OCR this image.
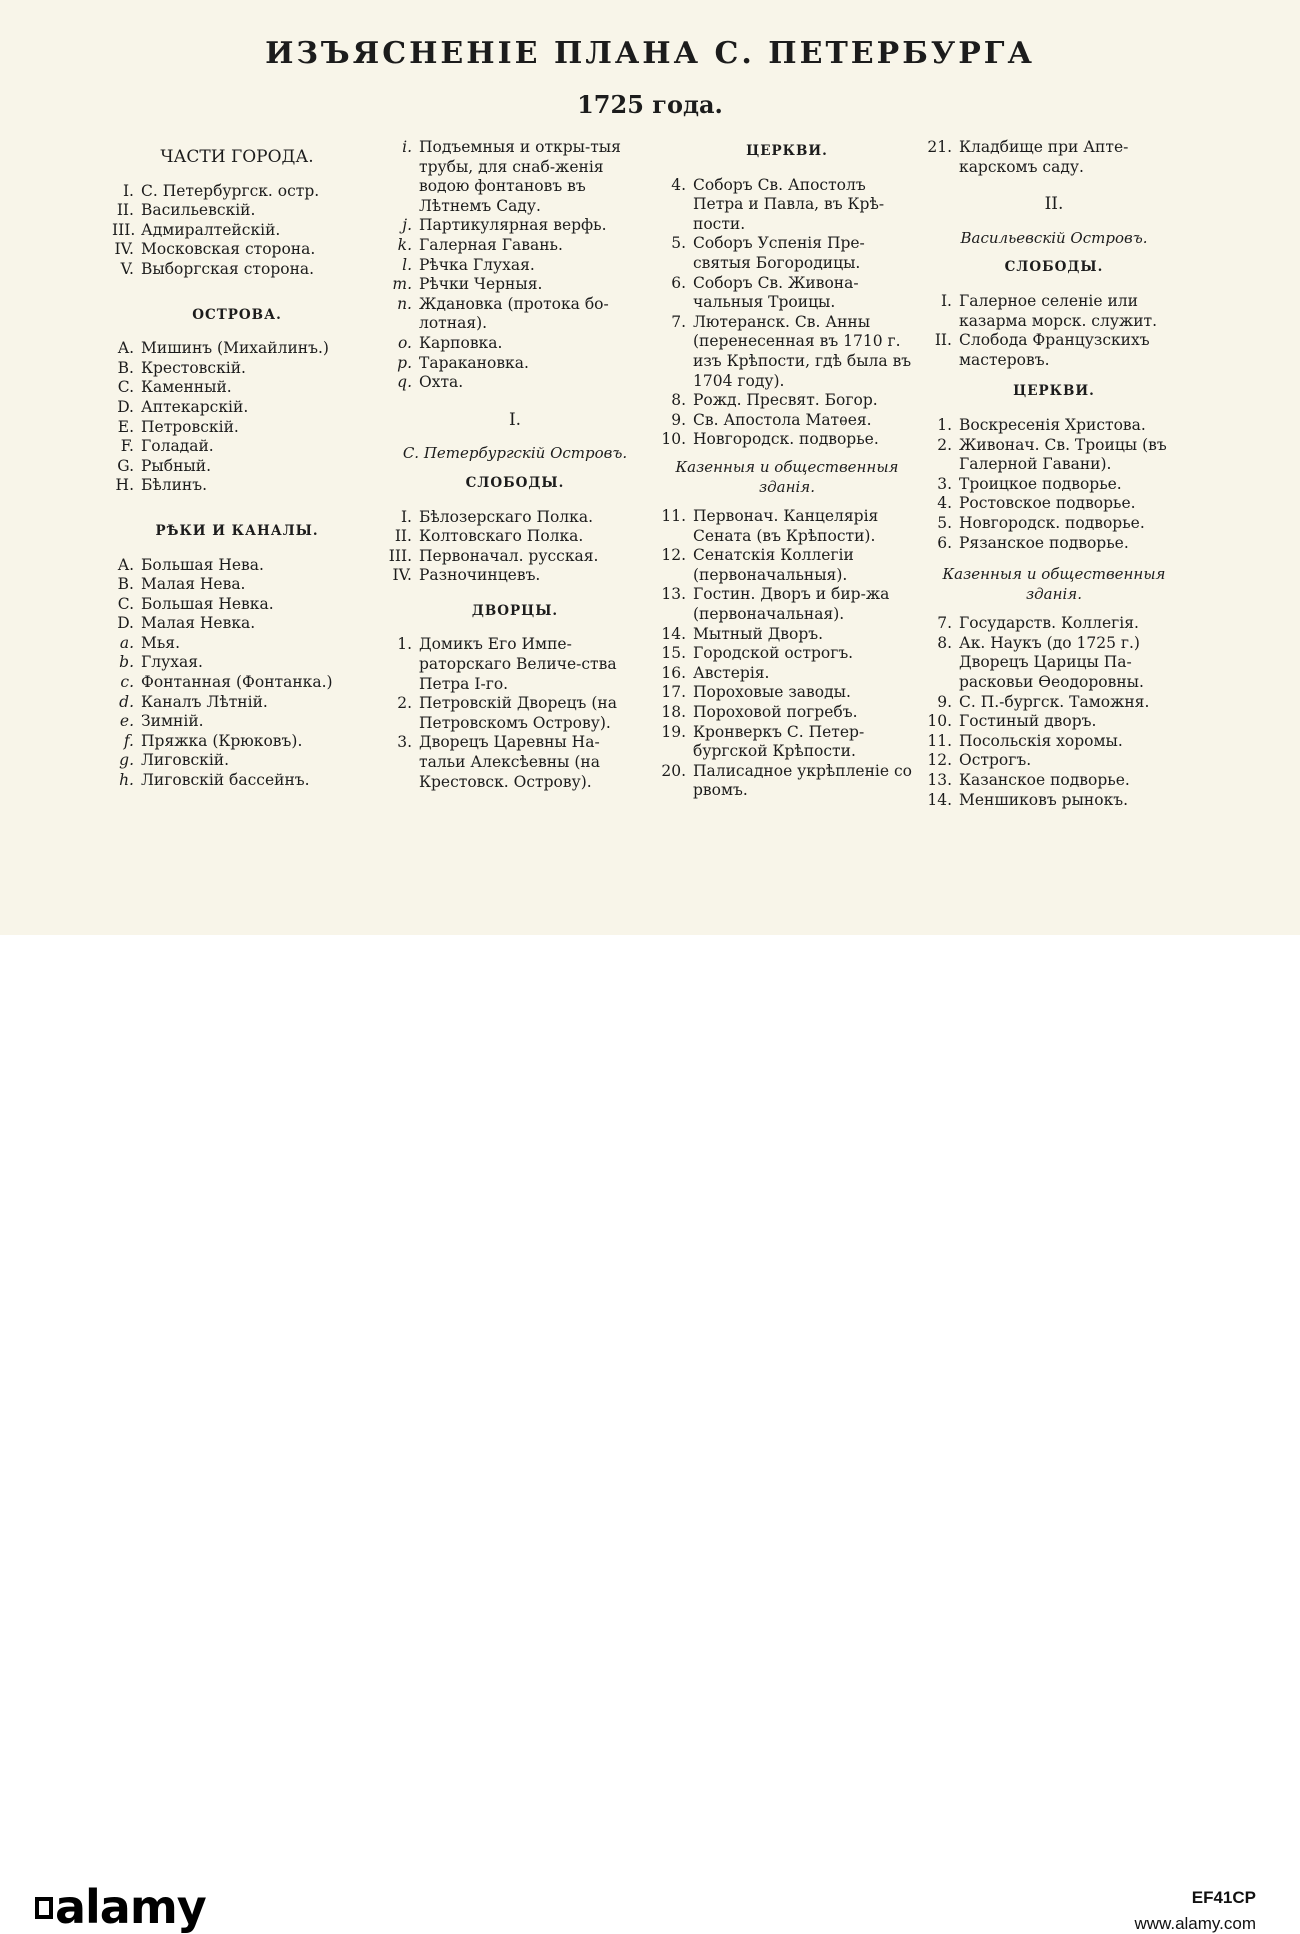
ИЗЪЯСНЕНІЕ ПЛАНА С. ПЕТЕРБУРГА
1725 года.
ЧАСТИ ГОРОДА.
I. С. Петербургск. остр.
II. Васильевскій.
III. Адмиралтейскій.
IV. Московская сторона.
V. Выборгская сторона.
ОСТРОВА.
A. Мишинъ (Михайлинъ.)
B. Крестовскій.
C. Каменный.
D. Аптекарскій.
E. Петровскій.
F. Голадай.
G. Рыбный.
H. Бѣлинъ.
РѢКИ И КАНАЛЫ.
A. Большая Нева.
B. Малая Нева.
C. Большая Невка.
D. Малая Невка.
a. Мья.
b. Глухая.
c. Фонтанная (Фонтанка.)
d. Каналъ Лѣтній.
e. Зимній.
f. Пряжка (Крюковъ).
g. Лиговскій.
h. Лиговскій бассейнъ.
i. Подъемныя и откры-тыя трубы, для снаб-женія водою фонтановъ въ Лѣтнемъ Саду.
j. Партикулярная верфь.
k. Галерная Гавань.
l. Рѣчка Глухая.
m. Рѣчки Черныя.
n. Ждановка (протока бо-лотная).
o. Карповка.
p. Таракановка.
q. Охта.
I.
С. Петербургскій Островъ.
СЛОБОДЫ.
I. Бѣлозерскаго Полка.
II. Колтовскаго Полка.
III. Первоначал. русская.
IV. Разночинцевъ.
ДВОРЦЫ.
1. Домикъ Его Импе-раторскаго Величе-ства Петра I-го.
2. Петровскій Дворецъ (на Петровскомъ Острову).
3. Дворецъ Царевны На-тальи Алексѣевны (на Крестовск. Острову).
ЦЕРКВИ.
4. Соборъ Св. Апостолъ Петра и Павла, въ Крѣ-пости.
5. Соборъ Успенія Пре-святыя Богородицы.
6. Соборъ Св. Живона-чальныя Троицы.
7. Лютеранск. Св. Анны (перенесенная въ 1710 г. изъ Крѣпости, гдѣ была въ 1704 году).
8. Рожд. Пресвят. Богор.
9. Св. Апостола Матѳея.
10. Новгородск. подворье.
Казенныя и общественныя зданія.
11. Первонач. Канцелярія Сената (въ Крѣпости).
12. Сенатскія Коллегіи (первоначальныя).
13. Гостин. Дворъ и бир-жа (первоначальная).
14. Мытный Дворъ.
15. Городской острогъ.
16. Австерія.
17. Пороховые заводы.
18. Пороховой погребъ.
19. Кронверкъ С. Петер-бургской Крѣпости.
20. Палисадное укрѣпленіе со рвомъ.
21. Кладбище при Апте-карскомъ саду.
II.
Васильевскій Островъ.
СЛОБОДЫ.
I. Галерное селеніе или казарма морск. служит.
II. Слобода Французскихъ мастеровъ.
ЦЕРКВИ.
1. Воскресенія Христова.
2. Живонач. Св. Троицы (въ Галерной Гавани).
3. Троицкое подворье.
4. Ростовское подворье.
5. Новгородск. подворье.
6. Рязанское подворье.
Казенныя и общественныя зданія.
7. Государств. Коллегія.
8. Ак. Наукъ (до 1725 г.) Дворецъ Царицы Па-расковьи Ѳеодоровны.
9. С. П.-бургск. Таможня.
10. Гостиный дворъ.
11. Посольскія хоромы.
12. Острогъ.
13. Казанское подворье.
14. Меншиковъ рынокъ.
alamy	EF41CP
www.alamy.com
